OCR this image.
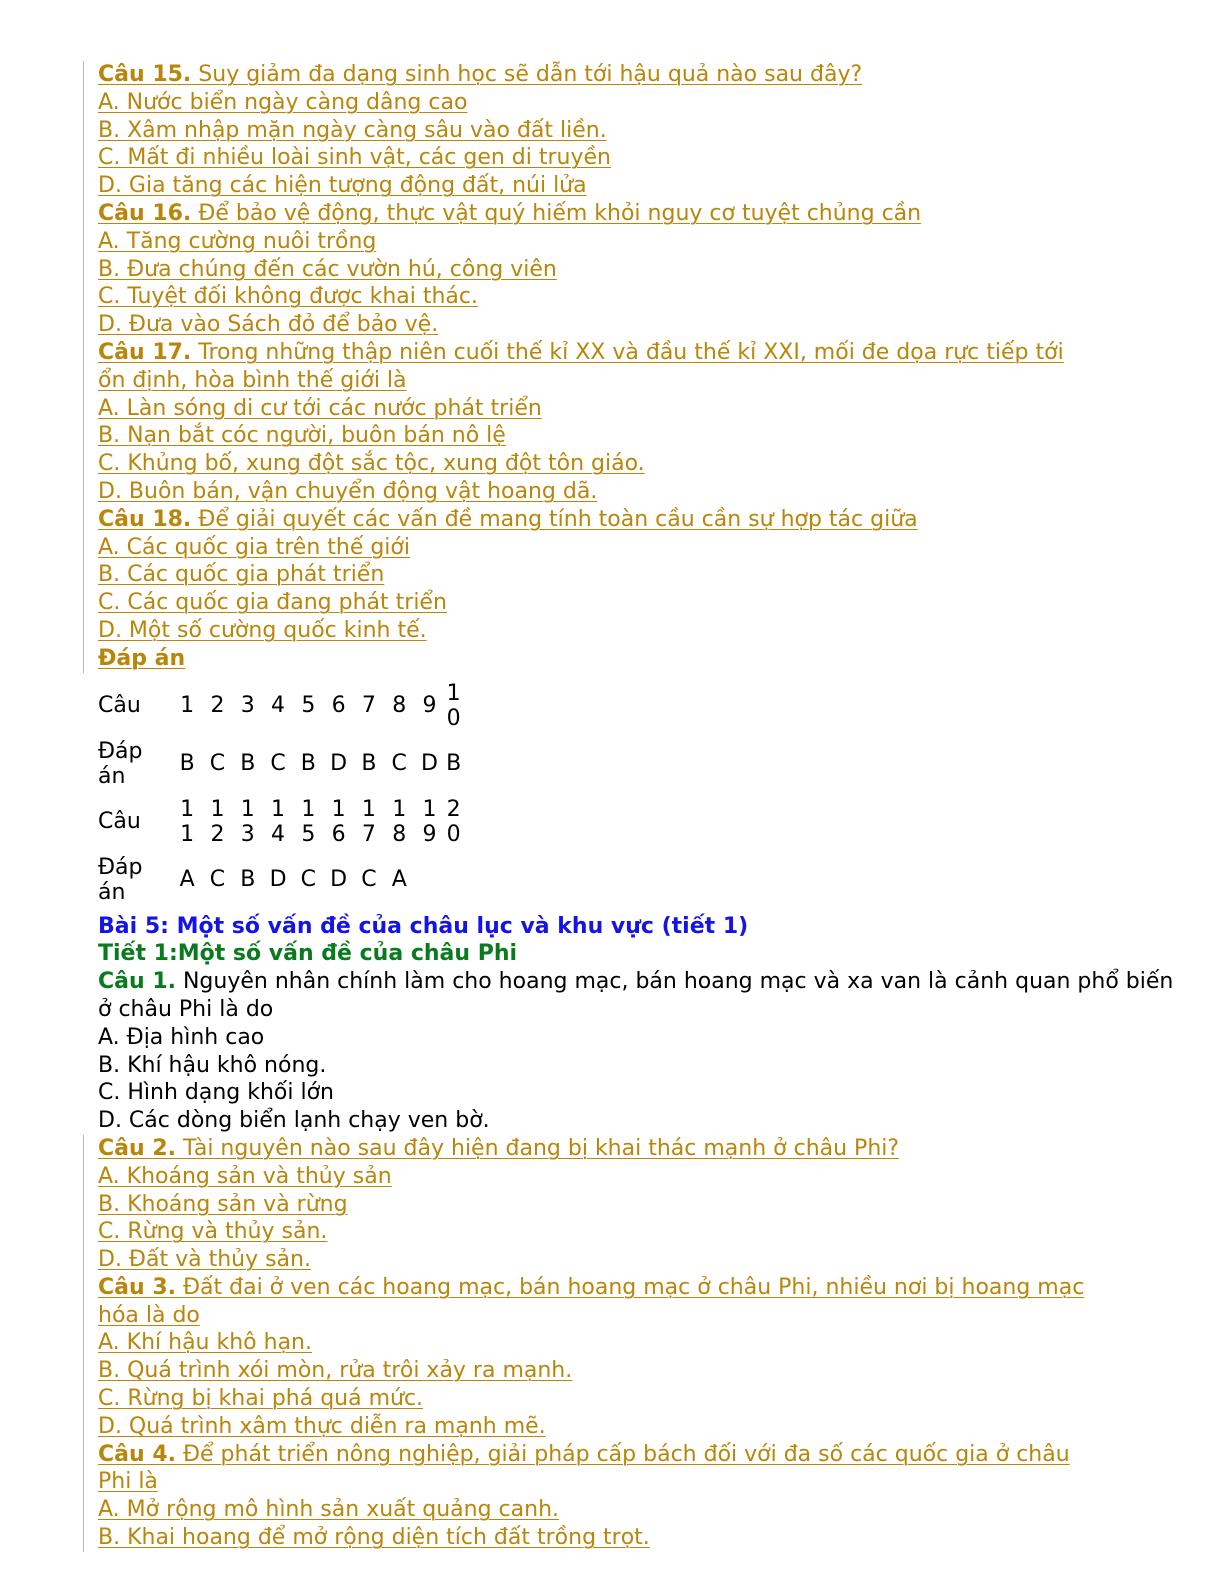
Câu 15. Suy giảm đa dạng sinh học sẽ dẫn tới hậu quả nào sau đây?
A. Nước biển ngày càng dâng cao
B. Xâm nhập mặn ngày càng sâu vào đất liền.
C. Mất đi nhiều loài sinh vật, các gen di truyền
D. Gia tăng các hiện tượng động đất, núi lửa
Câu 16. Để bảo vệ động, thực vật quý hiếm khỏi nguy cơ tuyệt chủng cần
A. Tăng cường nuôi trồng
B. Đưa chúng đến các vườn hú, công viên
C. Tuyệt đối không được khai thác.
D. Đưa vào Sách đỏ để bảo vệ.
Câu 17. Trong những thập niên cuối thế kỉ XX và đầu thế kỉ XXI, mối đe dọa rực tiếp tới
ổn định, hòa bình thế giới là
A. Làn sóng di cư tới các nước phát triển
B. Nạn bắt cóc người, buôn bán nô lệ
C. Khủng bố, xung đột sắc tộc, xung đột tôn giáo.
D. Buôn bán, vận chuyển động vật hoang dã.
Câu 18. Để giải quyết các vấn đề mang tính toàn cầu cần sự hợp tác giữa
A. Các quốc gia trên thế giới
B. Các quốc gia phát triển
C. Các quốc gia đang phát triển
D. Một số cường quốc kinh tế.
Đáp án
Câu	1	2	3	4	5	6	7	8	9	1 0
Đáp án	B	C	B	C	B	D	B	C	D	B
Câu	1 1	1 2	1 3	1 4	1 5	1 6	1 7	1 8	1 9	2 0
Đáp án	A	C	B	D	C	D	C	A		
Bài 5: Một số vấn đề của châu lục và khu vực (tiết 1)
Tiết 1:Một số vấn đề của châu Phi
Câu 1. Nguyên nhân chính làm cho hoang mạc, bán hoang mạc và xa van là cảnh quan phổ biến ở châu Phi là do
A. Địa hình cao
B. Khí hậu khô nóng.
C. Hình dạng khối lớn
D. Các dòng biển lạnh chạy ven bờ.
Câu 2. Tài nguyên nào sau đây hiện đang bị khai thác mạnh ở châu Phi?
A. Khoáng sản và thủy sản
B. Khoáng sản và rừng
C. Rừng và thủy sản.
D. Đất và thủy sản.
Câu 3. Đất đai ở ven các hoang mạc, bán hoang mạc ở châu Phi, nhiều nơi bị hoang mạc
hóa là do
A. Khí hậu khô hạn.
B. Quá trình xói mòn, rửa trôi xảy ra mạnh.
C. Rừng bị khai phá quá mức.
D. Quá trình xâm thực diễn ra mạnh mẽ.
Câu 4. Để phát triển nông nghiệp, giải pháp cấp bách đối với đa số các quốc gia ở châu
Phi là
A. Mở rộng mô hình sản xuất quảng canh.
B. Khai hoang để mở rộng diện tích đất trồng trọt.
